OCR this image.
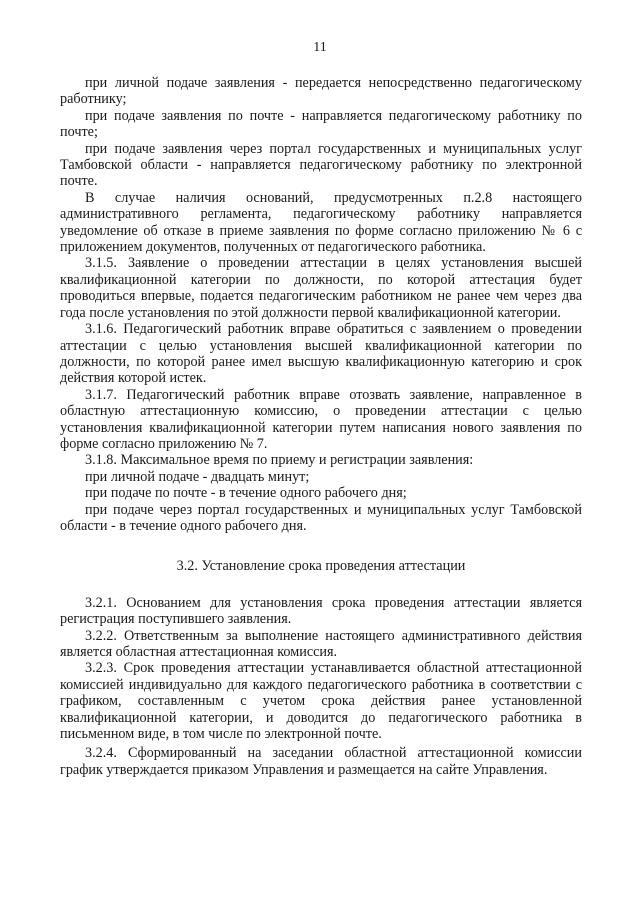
11

при личной подаче заявления - передается непосредственно педагогическому работнику;

при подаче заявления по почте - направляется педагогическому работнику по почте;

при подаче заявления через портал государственных и муниципальных услуг Тамбовской области - направляется педагогическому работнику по электронной почте.

В случае наличия оснований, предусмотренных п.2.8 настоящего административного регламента, педагогическому работнику направляется уведомление об отказе в приеме заявления по форме согласно приложению № 6 с приложением документов, полученных от педагогического работника.

3.1.5. Заявление о проведении аттестации в целях установления высшей квалификационной категории по должности, по которой аттестация будет проводиться впервые, подается педагогическим работником не ранее чем через два года после установления по этой должности первой квалификационной категории.

3.1.6. Педагогический работник вправе обратиться с заявлением о проведении аттестации с целью установления высшей квалификационной категории по должности, по которой ранее имел высшую квалификационную категорию и срок действия которой истек.

3.1.7. Педагогический работник вправе отозвать заявление, направленное в областную аттестационную комиссию, о проведении аттестации с целью установления квалификационной категории путем написания нового заявления по форме согласно приложению № 7.

3.1.8. Максимальное время по приему и регистрации заявления:

при личной подаче - двадцать минут;

при подаче по почте - в течение одного рабочего дня;

при подаче через портал государственных и муниципальных услуг Тамбовской области - в течение одного рабочего дня.

3.2. Установление срока проведения аттестации

3.2.1. Основанием для установления срока проведения аттестации является регистрация поступившего заявления.

3.2.2. Ответственным за выполнение настоящего административного действия является областная аттестационная комиссия.

3.2.3. Срок проведения аттестации устанавливается областной аттестационной комиссией индивидуально для каждого педагогического работника в соответствии с графиком, составленным с учетом срока действия ранее установленной квалификационной категории, и доводится до педагогического работника в письменном виде, в том числе по электронной почте.

3.2.4. Сформированный на заседании областной аттестационной комиссии график утверждается приказом Управления и размещается на сайте Управления.
